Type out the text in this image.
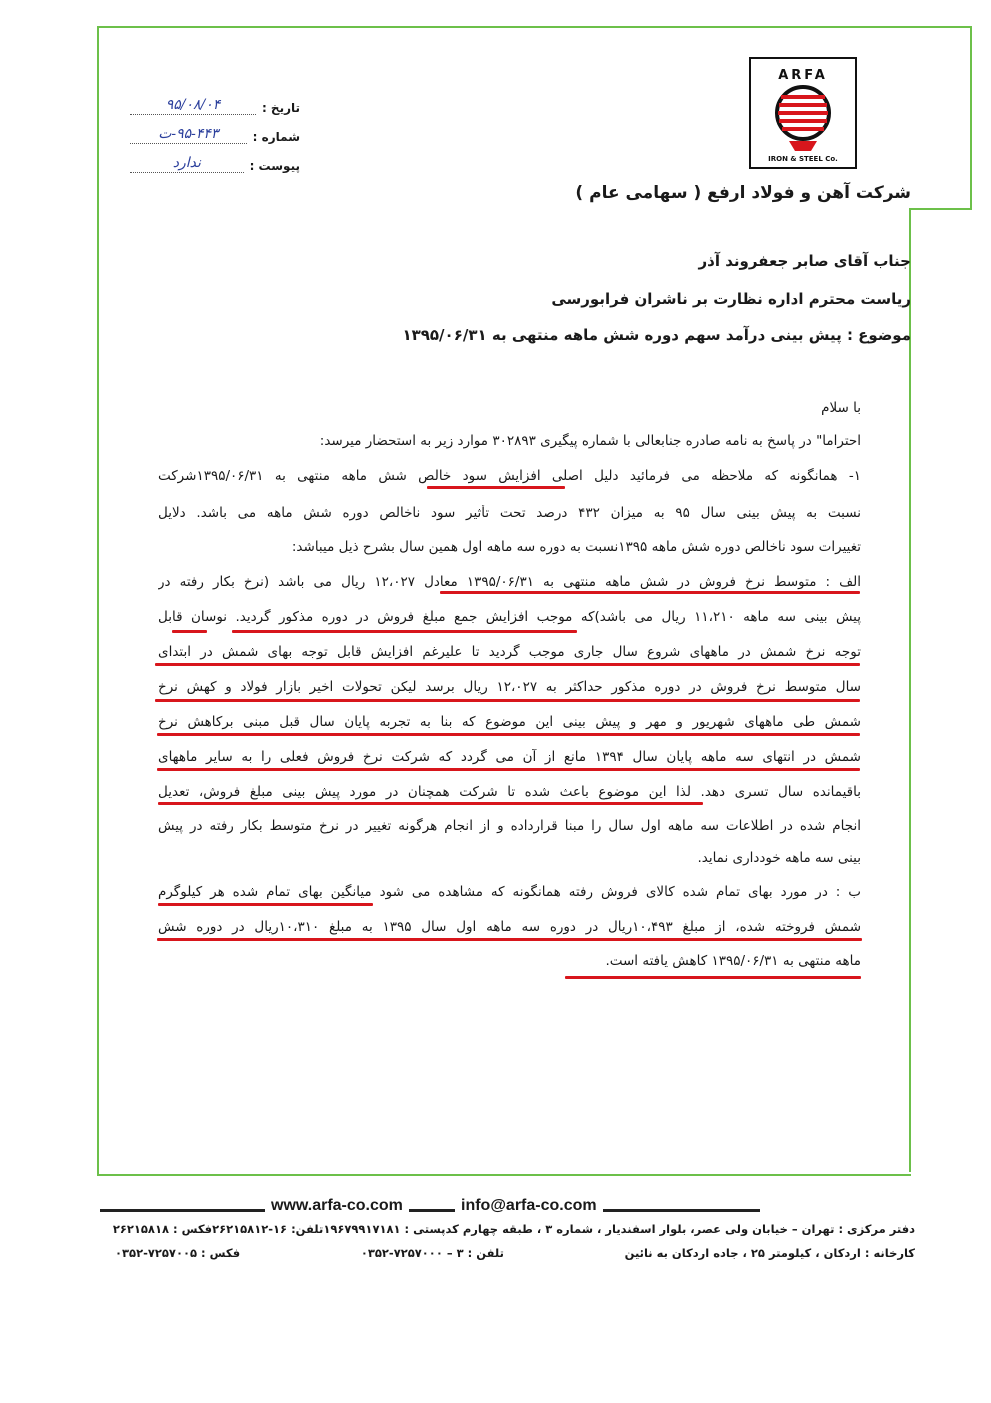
ARFA
IRON & STEEL Co.
شرکت آهن و فولاد ارفع ( سهامی عام )
تاریخ :
۹۵/۰۸/۰۴
شماره :
۹۵-۴۴۳-ت
پیوست :
ندارد
جناب آقای صابر جعفروند آذر
ریاست محترم اداره نظارت بر ناشران فرابورسی
موضوع : پیش بینی درآمد سهم دوره شش ماهه منتهی به ۱۳۹۵/۰۶/۳۱
با سلام
احتراما" در پاسخ به نامه صادره جنابعالی با شماره پیگیری ۳۰۲۸۹۳ موارد زیر به استحضار میرسد:
۱- همانگونه که ملاحظه می فرمائید دلیل اصلی افزایش سود خالص شش ماهه منتهی به ۱۳۹۵/۰۶/۳۱شرکت
نسبت به پیش بینی سال ۹۵ به میزان ۴۳۲ درصد تحت تأثیر سود ناخالص دوره شش ماهه می باشد. دلایل
تغییرات سود ناخالص دوره شش ماهه ۱۳۹۵نسبت به دوره سه ماهه اول همین سال بشرح ذیل میباشد:
الف : متوسط نرخ فروش در شش ماهه منتهی به ۱۳۹۵/۰۶/۳۱ معادل ۱۲،۰۲۷ ریال می باشد (نرخ بکار رفته در
پیش بینی سه ماهه ۱۱،۲۱۰ ریال می باشد)که موجب افزایش جمع مبلغ فروش در دوره مذکور گردید. نوسان قابل
توجه نرخ شمش در ماههای شروع سال جاری موجب گردید تا علیرغم افزایش قابل توجه بهای شمش در ابتدای
سال متوسط نرخ فروش در دوره مذکور حداکثر به ۱۲،۰۲۷ ریال برسد لیکن تحولات اخیر بازار فولاد و کهش نرخ
شمش طی ماههای شهریور و مهر و پیش بینی این موضوع که بنا به تجربه پایان سال قبل مبنی برکاهش نرخ
شمش در انتهای سه ماهه پایان سال ۱۳۹۴ مانع از آن می گردد که شرکت نرخ فروش فعلی را به سایر ماههای
باقیمانده سال تسری دهد. لذا این موضوع باعث شده تا شرکت همچنان در مورد پیش بینی مبلغ فروش، تعدیل
انجام شده در اطلاعات سه ماهه اول سال را مبنا قرارداده و از انجام هرگونه تغییر در نرخ متوسط بکار رفته در پیش
بینی سه ماهه خودداری نماید.
ب : در مورد بهای تمام شده کالای فروش رفته همانگونه که مشاهده می شود میانگین بهای تمام شده هر کیلوگرم
شمش فروخته شده، از مبلغ ۱۰،۴۹۳ریال در دوره سه ماهه اول سال ۱۳۹۵ به مبلغ ۱۰،۳۱۰ریال در دوره شش
ماهه منتهی به ۱۳۹۵/۰۶/۳۱ کاهش یافته است.
www.arfa-co.com	info@arfa-co.com
دفتر مرکزی : تهران – خیابان ولی عصر، بلوار اسفندیار ، شماره ۳ ، طبقه چهارم کدپستی : ۱۹۶۷۹۹۱۷۱۸۱
تلفن: ۱۶-۲۶۲۱۵۸۱۲
فکس : ۲۶۲۱۵۸۱۸
کارخانه : اردکان ، کیلومتر ۲۵ ، جاده اردکان به نائین
تلفن : ۳ – ۷۲۵۷۰۰۰-۰۳۵۲
فکس : ۷۲۵۷۰۰۵-۰۳۵۲
